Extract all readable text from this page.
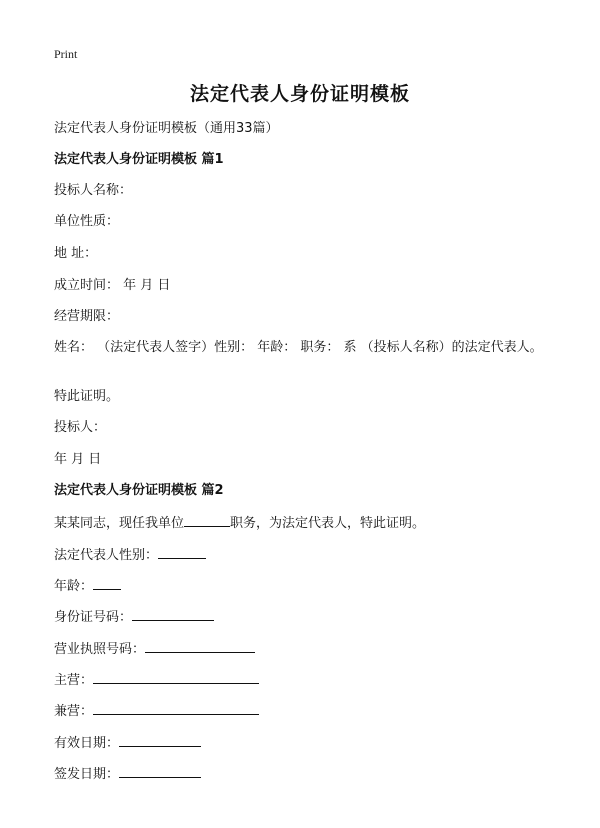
Print
法定代表人身份证明模板

法定代表人身份证明模板（通用33篇）

法定代表人身份证明模板 篇1

投标人名称：

单位性质：

地 址：

成立时间： 年 月 日

经营期限：

姓名： （法定代表人签字）性别： 年龄： 职务： 系 （投标人名称）的法定代表人。

特此证明。

投标人：

年 月 日

法定代表人身份证明模板 篇2

某某同志，现任我单位	职务，为法定代表人，特此证明。

法定代表人性别：

年龄：

身份证号码：

营业执照号码：

主营：

兼营：

有效日期：

签发日期：
